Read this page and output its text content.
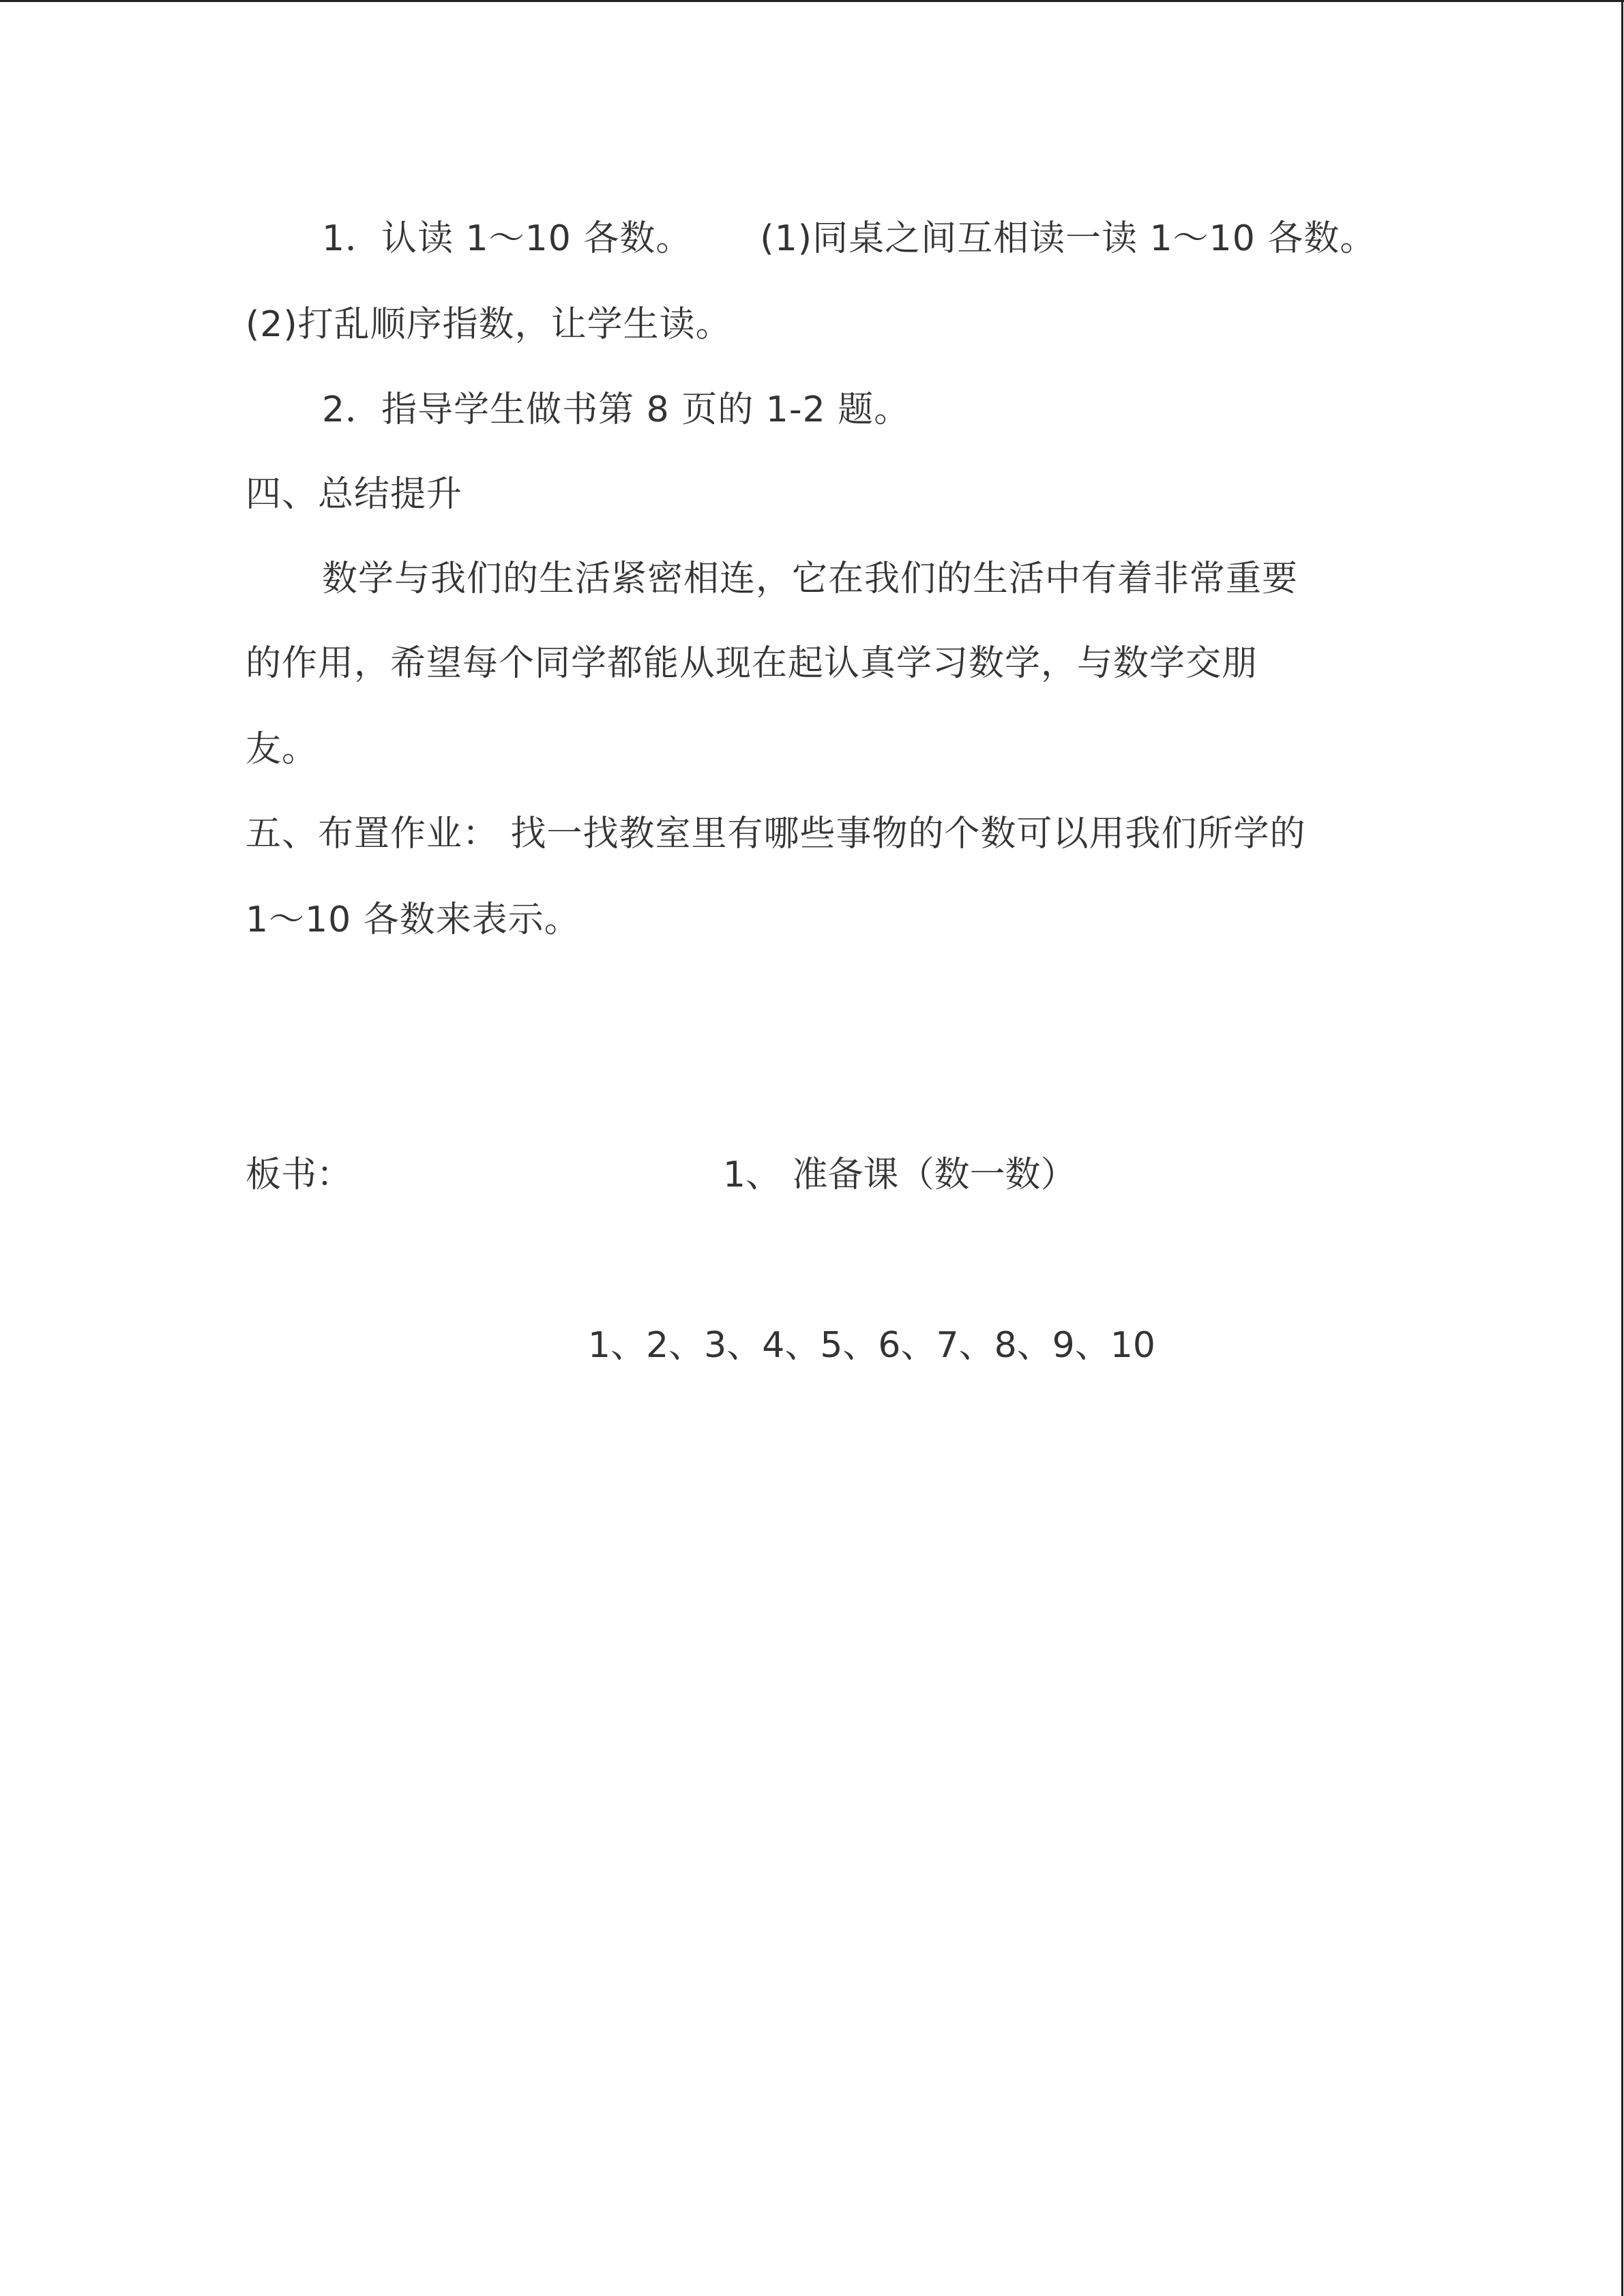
1．认读 1～10 各数。 (1)同桌之间互相读一读 1～10 各数。
(2)打乱顺序指数，让学生读。
2．指导学生做书第 8 页的 1-2 题。
四、总结提升
数学与我们的生活紧密相连，它在我们的生活中有着非常重要
的作用，希望每个同学都能从现在起认真学习数学，与数学交朋
友。
五、布置作业： 找一找教室里有哪些事物的个数可以用我们所学的
1～10 各数来表示。
板书：	1、 准备课（数一数）
1、2、3、4、5、6、7、8、9、10
